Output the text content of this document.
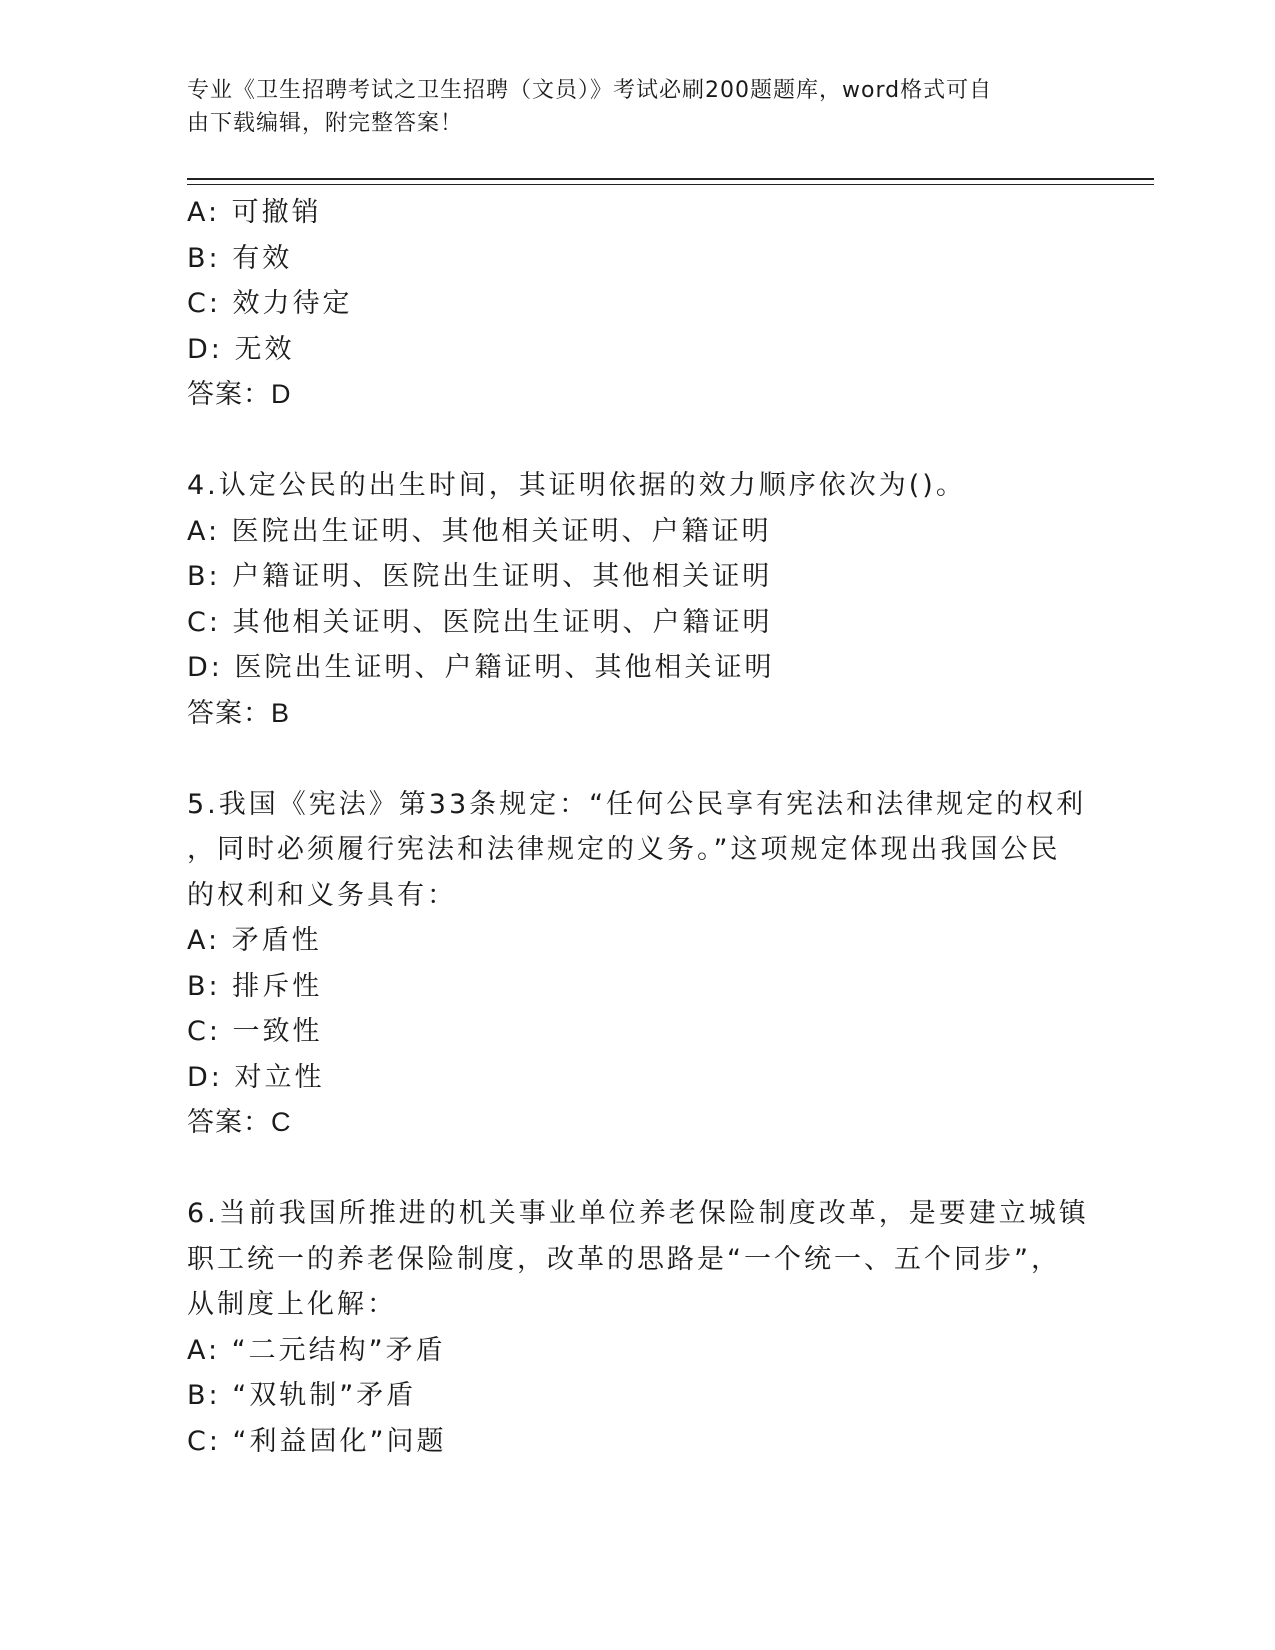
专业《卫生招聘考试之卫生招聘（文员）》考试必刷200题题库，word格式可自
由下载编辑，附完整答案！
A: 可撤销
B: 有效
C: 效力待定
D: 无效
答案：D
4.认定公民的出生时间，其证明依据的效力顺序依次为()。
A: 医院出生证明、其他相关证明、户籍证明
B: 户籍证明、医院出生证明、其他相关证明
C: 其他相关证明、医院出生证明、户籍证明
D: 医院出生证明、户籍证明、其他相关证明
答案：B
5.我国《宪法》第33条规定：“任何公民享有宪法和法律规定的权利
，同时必须履行宪法和法律规定的义务。”这项规定体现出我国公民
的权利和义务具有：
A: 矛盾性
B: 排斥性
C: 一致性
D: 对立性
答案：C
6.当前我国所推进的机关事业单位养老保险制度改革，是要建立城镇
职工统一的养老保险制度，改革的思路是“一个统一、五个同步”，
从制度上化解：
A: “二元结构”矛盾
B: “双轨制”矛盾
C: “利益固化”问题
